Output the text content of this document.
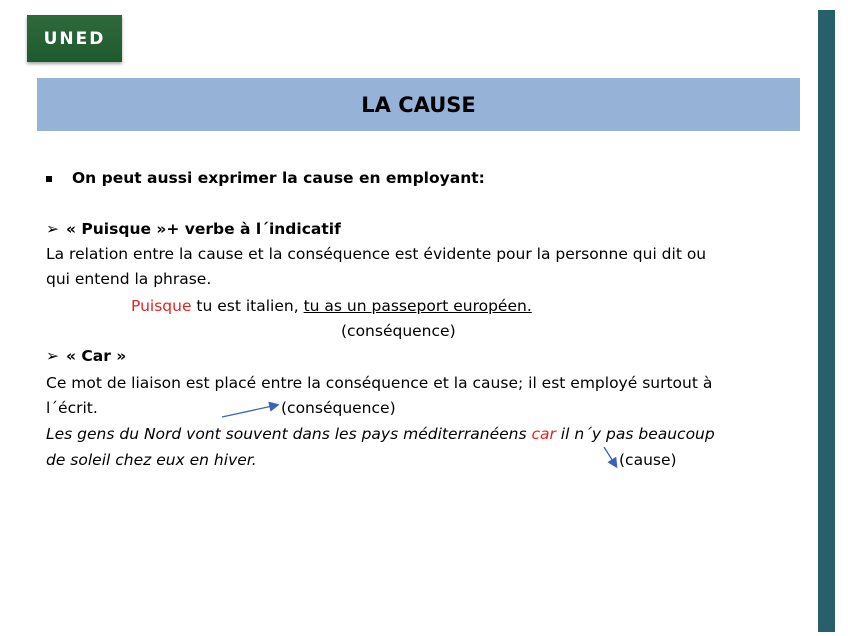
UNED
LA CAUSE
On peut aussi exprimer la cause en employant:
➢ « Puisque »+ verbe à l´indicatif
La relation entre la cause et la conséquence est évidente pour la personne qui dit ou
qui entend la phrase.
Puisque tu est italien, tu as un passeport européen.
(conséquence)
➢ « Car »
Ce mot de liaison est placé entre la conséquence et la cause; il est employé surtout à
l´écrit.	(conséquence)
Les gens du Nord vont souvent dans les pays méditerranéens car il n´y pas beaucoup
de soleil chez eux en hiver.	(cause)
